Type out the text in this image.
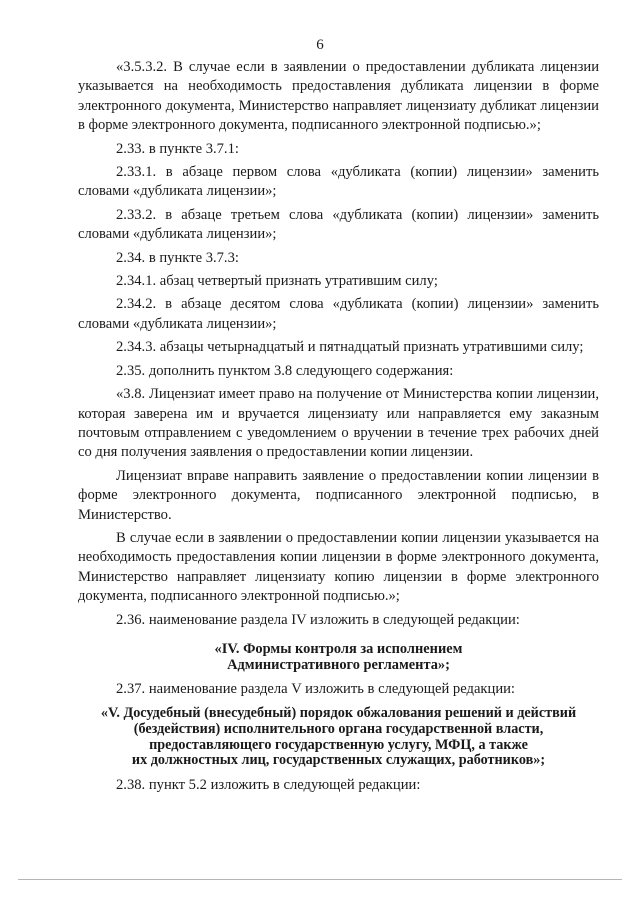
6

«3.5.3.2. В случае если в заявлении о предоставлении дубликата лицензии указывается на необходимость предоставления дубликата лицензии в форме электронного документа, Министерство направляет лицензиату дубликат лицензии в форме электронного документа, подписанного электронной подписью.»;

2.33. в пункте 3.7.1:

2.33.1. в абзаце первом слова «дубликата (копии) лицензии» заменить словами «дубликата лицензии»;

2.33.2. в абзаце третьем слова «дубликата (копии) лицензии» заменить словами «дубликата лицензии»;

2.34. в пункте 3.7.3:

2.34.1. абзац четвертый признать утратившим силу;

2.34.2. в абзаце десятом слова «дубликата (копии) лицензии» заменить словами «дубликата лицензии»;

2.34.3. абзацы четырнадцатый и пятнадцатый признать утратившими силу;

2.35. дополнить пунктом 3.8 следующего содержания:

«3.8. Лицензиат имеет право на получение от Министерства копии лицензии, которая заверена им и вручается лицензиату или направляется ему заказным почтовым отправлением с уведомлением о вручении в течение трех рабочих дней со дня получения заявления о предоставлении копии лицензии.

Лицензиат вправе направить заявление о предоставлении копии лицензии в форме электронного документа, подписанного электронной подписью, в Министерство.

В случае если в заявлении о предоставлении копии лицензии указывается на необходимость предоставления копии лицензии в форме электронного документа, Министерство направляет лицензиату копию лицензии в форме электронного документа, подписанного электронной подписью.»;

2.36. наименование раздела IV изложить в следующей редакции:

«IV. Формы контроля за исполнением
Административного регламента»;

2.37. наименование раздела V изложить в следующей редакции:

«V. Досудебный (внесудебный) порядок обжалования решений и действий
(бездействия) исполнительного органа государственной власти,
предоставляющего государственную услугу, МФЦ, а также
их должностных лиц, государственных служащих, работников»;

2.38. пункт 5.2 изложить в следующей редакции:
